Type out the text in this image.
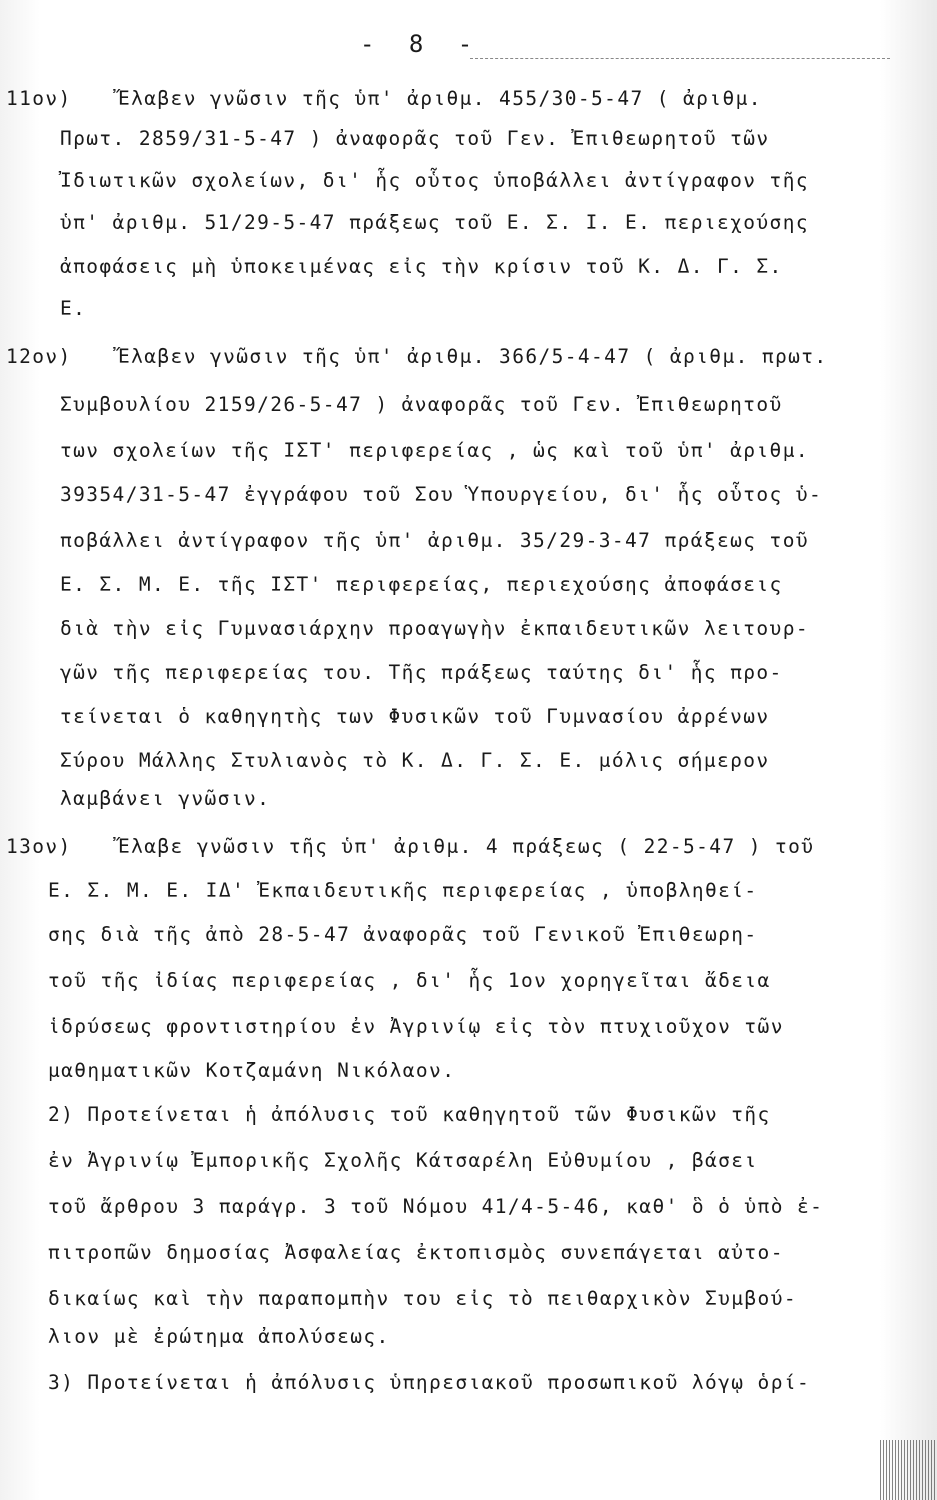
- 8 -
11ον) Ἔλαβεν γνῶσιν τῆς ὑπ' ἀριθμ. 455/30-5-47 ( ἀριθμ.
Πρωτ. 2859/31-5-47 ) ἀναφορᾶς τοῦ Γεν. Ἐπιθεωρητοῦ τῶν
Ἰδιωτικῶν σχολείων, δι' ἧς οὗτος ὑποβάλλει ἀντίγραφον τῆς
ὑπ' ἀριθμ. 51/29-5-47 πράξεως τοῦ Ε. Σ. Ι. Ε. περιεχούσης
ἀποφάσεις μὴ ὑποκειμένας εἰς τὴν κρίσιν τοῦ Κ. Δ. Γ. Σ.
Ε.
12ον) Ἔλαβεν γνῶσιν τῆς ὑπ' ἀριθμ. 366/5-4-47 ( ἀριθμ. πρωτ.
Συμβουλίου 2159/26-5-47 ) ἀναφορᾶς τοῦ Γεν. Ἐπιθεωρητοῦ
των σχολείων τῆς ΙΣΤ' περιφερείας , ὡς καὶ τοῦ ὑπ' ἀριθμ.
39354/31-5-47 ἐγγράφου τοῦ Σου Ὑπουργείου, δι' ἧς οὗτος ὑ-
ποβάλλει ἀντίγραφον τῆς ὑπ' ἀριθμ. 35/29-3-47 πράξεως τοῦ
Ε. Σ. Μ. Ε. τῆς ΙΣΤ' περιφερείας, περιεχούσης ἀποφάσεις
διὰ τὴν εἰς Γυμνασιάρχην προαγωγὴν ἐκπαιδευτικῶν λειτουρ-
γῶν τῆς περιφερείας του. Τῆς πράξεως ταύτης δι' ἧς προ-
τείνεται ὁ καθηγητὴς των Φυσικῶν τοῦ Γυμνασίου ἀρρένων
Σύρου Μάλλης Στυλιανὸς τὸ Κ. Δ. Γ. Σ. Ε. μόλις σήμερον
λαμβάνει γνῶσιν.
13ον) Ἔλαβε γνῶσιν τῆς ὑπ' ἀριθμ. 4 πράξεως ( 22-5-47 ) τοῦ
Ε. Σ. Μ. Ε. ΙΔ' Ἐκπαιδευτικῆς περιφερείας , ὑποβληθεί-
σης διὰ τῆς ἀπὸ 28-5-47 ἀναφορᾶς τοῦ Γενικοῦ Ἐπιθεωρη-
τοῦ τῆς ἰδίας περιφερείας , δι' ἧς 1ον χορηγεῖται ἄδεια
ἱδρύσεως φροντιστηρίου ἐν Ἀγρινίῳ εἰς τὸν πτυχιοῦχον τῶν
μαθηματικῶν Κοτζαμάνη Νικόλαον.
2) Προτείνεται ἡ ἀπόλυσις τοῦ καθηγητοῦ τῶν Φυσικῶν τῆς
ἐν Ἀγρινίῳ Ἐμπορικῆς Σχολῆς Κάτσαρέλη Εὐθυμίου , βάσει
τοῦ ἄρθρου 3 παράγρ. 3 τοῦ Νόμου 41/4-5-46, καθ' ὃ ὁ ὑπὸ ἐ-
πιτροπῶν δημοσίας Ἀσφαλείας ἐκτοπισμὸς συνεπάγεται αὐτο-
δικαίως καὶ τὴν παραπομπὴν του εἰς τὸ πειθαρχικὸν Συμβού-
λιον μὲ ἐρώτημα ἀπολύσεως.
3) Προτείνεται ἡ ἀπόλυσις ὑπηρεσιακοῦ προσωπικοῦ λόγῳ ὁρί-
